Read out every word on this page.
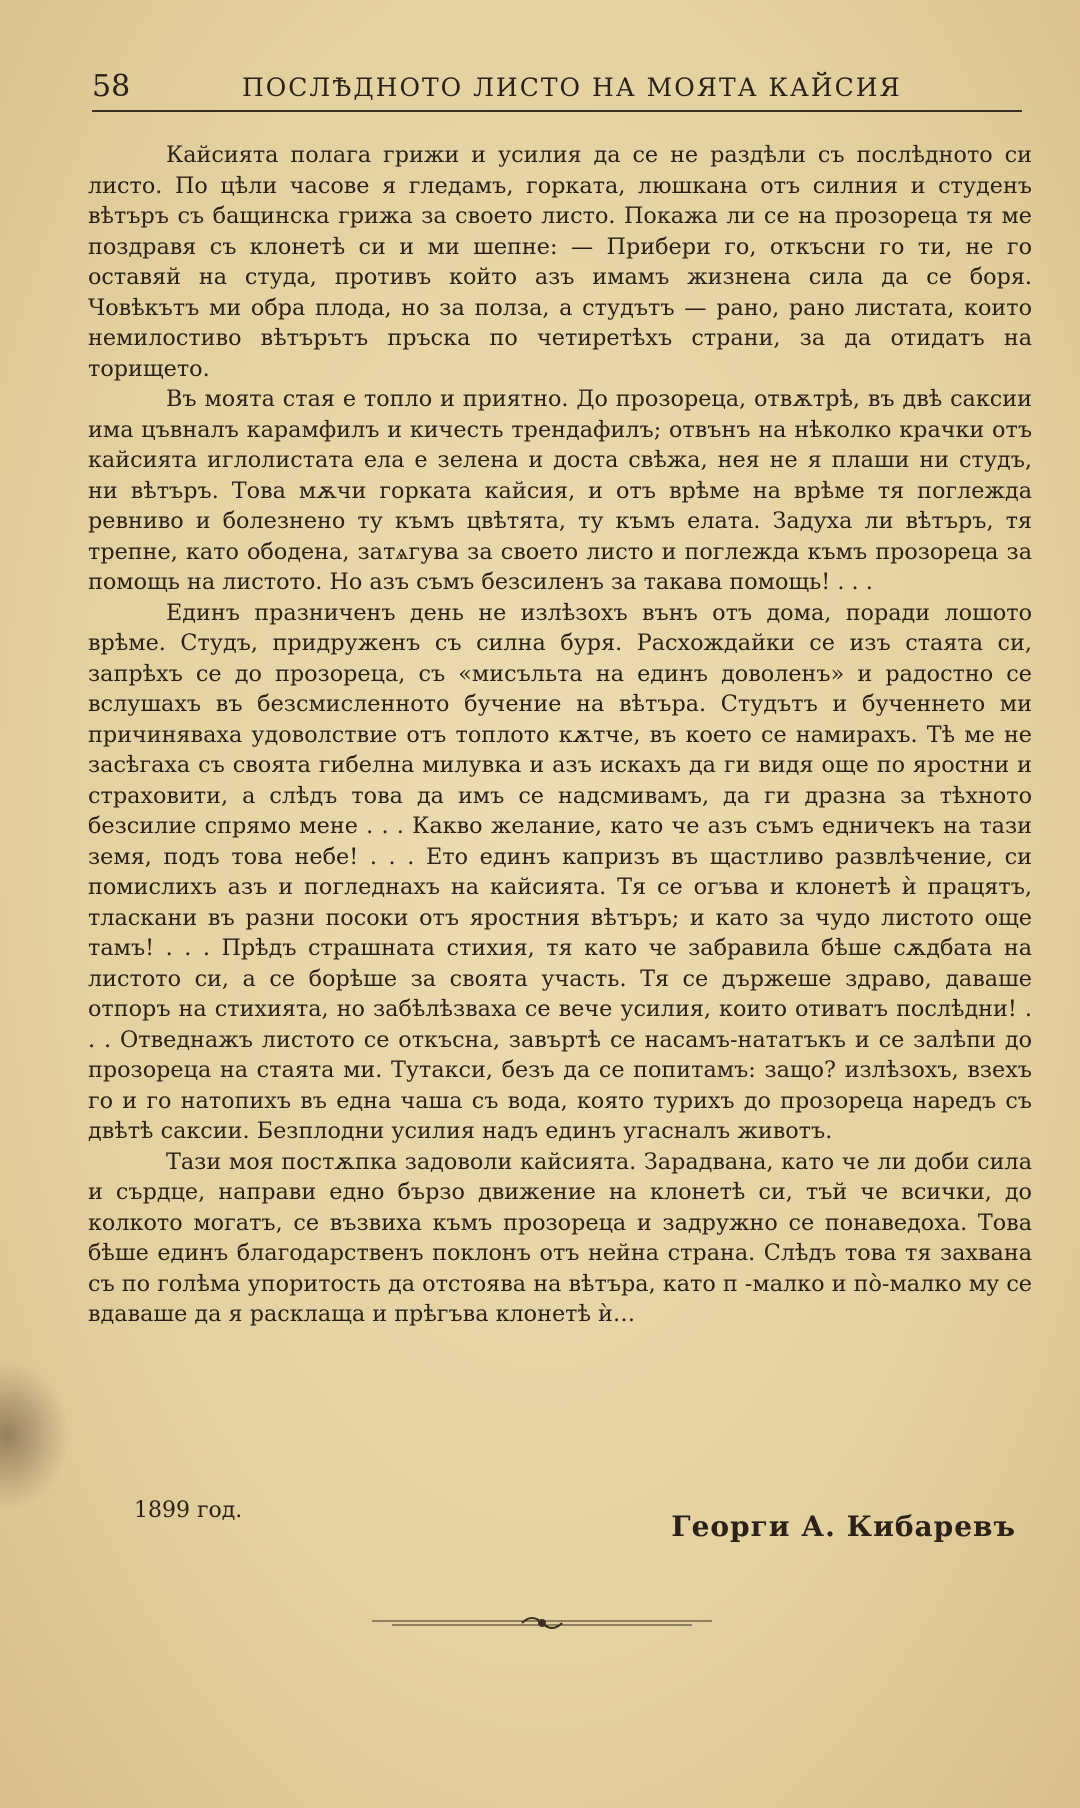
58	ПОСЛѢДНОТО ЛИСТО НА МОЯТА КАЙСИЯ

Кайсията полага грижи и усилия да се не раздѣли съ послѣдното си листо. По цѣли часове я гледамъ, горката, люшкана отъ силния и студенъ вѣтъръ съ бащинска грижа за своето листо. Покажа ли се на прозореца тя ме поздравя съ клонетѣ си и ми шепне: — Прибери го, откъсни го ти, не го оставяй на студа, противъ който азъ имамъ жизнена сила да се боря. Човѣкътъ ми обра плода, но за полза, а студътъ — рано, рано листата, които немилостиво вѣтърътъ пръска по четиретѣхъ страни, за да отидатъ на торището.

Въ моята стая е топло и приятно. До прозореца, отвѫтрѣ, въ двѣ саксии има цъвналъ карамфилъ и кичесть трендафилъ; отвънъ на нѣколко крачки отъ кайсията иглолистата ела е зелена и доста свѣжа, нея не я плаши ни студъ, ни вѣтъръ. Това мѫчи горката кайсия, и отъ врѣме на врѣме тя поглежда ревниво и болезнено ту къмъ цвѣтята, ту къмъ елата. Задуха ли вѣтъръ, тя трепне, като ободена, затѧгува за своето листо и поглежда къмъ прозореца за помощь на листото. Но азъ съмъ безсиленъ за такава помощь! . . .

Единъ празниченъ день не излѣзохъ вънъ отъ дома, поради лошото врѣме. Студъ, придруженъ съ силна буря. Расхождайки се изъ стаята си, запрѣхъ се до прозореца, съ «мисъльта на единъ доволенъ» и радостно се вслушахъ въ безсмисленното бучение на вѣтъра. Студътъ и бученнето ми причиняваха удоволствие отъ топлото кѫтче, въ което се намирахъ. Тѣ ме не засѣгаха съ своята гибелна милувка и азъ искахъ да ги видя още по яростни и страховити, а слѣдъ това да имъ се надсмивамъ, да ги дразна за тѣхното безсилие спрямо мене . . . Какво желание, като че азъ съмъ едничекъ на тази земя, подъ това небе! . . . Ето единъ капризъ въ щастливо развлѣчение, си помислихъ азъ и погледнахъ на кайсията. Тя се огъва и клонетѣ ѝ працятъ, тласкани въ разни посоки отъ яростния вѣтъръ; и като за чудо листото още тамъ! . . . Прѣдъ страшната стихия, тя като че забравила бѣше сѫдбата на листото си, а се борѣше за своята участь. Тя се държеше здраво, даваше отпоръ на стихията, но забѣлѣзваха се вече усилия, които отиватъ послѣдни! . . . Отведнажъ листото се откъсна, завъртѣ се насамъ-нататъкъ и се залѣпи до прозореца на стаята ми. Тутакси, безъ да се попитамъ: защо? излѣзохъ, взехъ го и го натопихъ въ една чаша съ вода, която турихъ до прозореца наредъ съ двѣтѣ саксии. Безплодни усилия надъ единъ угасналъ животъ.

Тази моя постѫпка задоволи кайсията. Зарадвана, като че ли доби сила и сърдце, направи едно бързо движение на клонетѣ си, тъй че всички, до колкото могатъ, се възвиха къмъ прозореца и задружно се понаведоха. Това бѣше единъ благодарственъ поклонъ отъ нейна страна. Слѣдъ това тя захвана съ по голѣма упоритость да отстоява на вѣтъра, като п -малко и пò-малко му се вдаваше да я расклаща и прѣгъва клонетѣ ѝ…

1899 год.	Георги А. Кибаревъ
